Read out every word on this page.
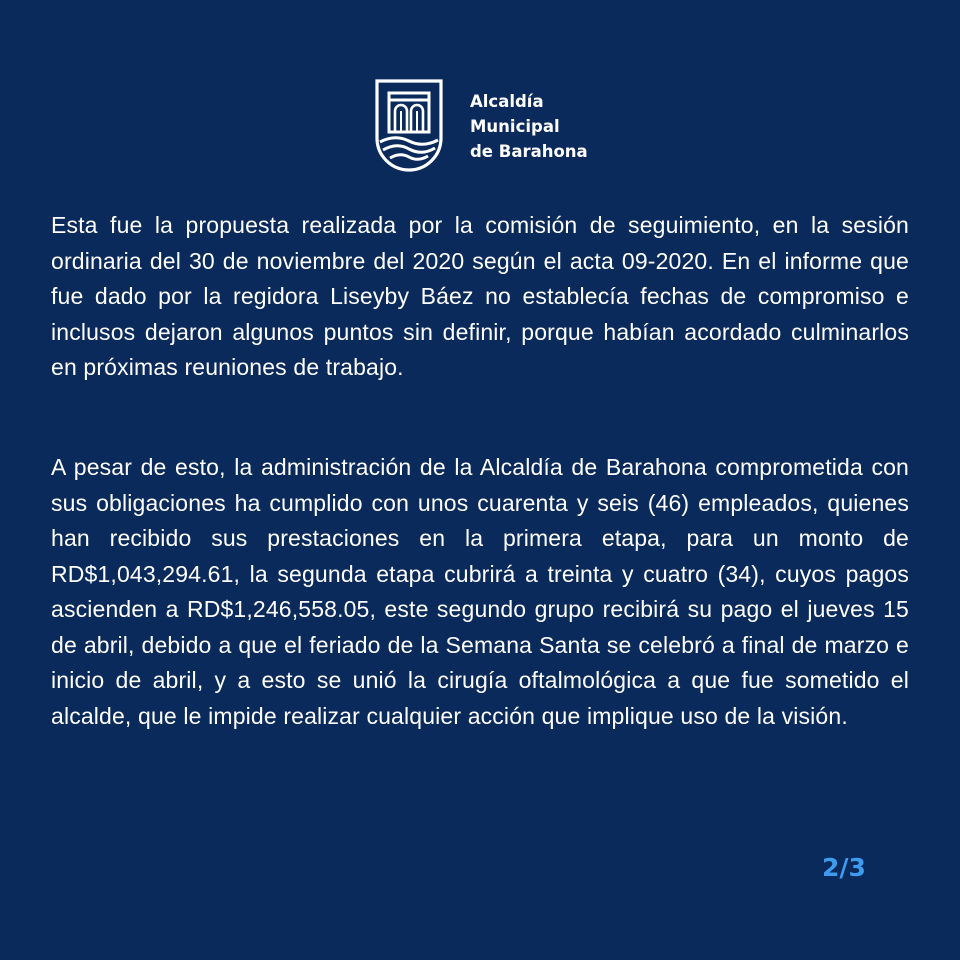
Alcaldía
Municipal
de Barahona

Esta fue la propuesta realizada por la comisión de seguimiento, en la sesión ordinaria del 30 de noviembre del 2020 según el acta 09-2020. En el informe que fue dado por la regidora Liseyby Báez no establecía fechas de compromiso e inclusos dejaron algunos puntos sin definir, porque habían acordado culminarlos en próximas reuniones de trabajo.

A pesar de esto, la administración de la Alcaldía de Barahona comprometida con sus obligaciones ha cumplido con unos cuarenta y seis (46) empleados, quienes han recibido sus prestaciones en la primera etapa, para un monto de RD$1,043,294.61, la segunda etapa cubrirá a treinta y cuatro (34), cuyos pagos ascienden a RD$1,246,558.05, este segundo grupo recibirá su pago el jueves 15 de abril, debido a que el feriado de la Semana Santa se celebró a final de marzo e inicio de abril, y a esto se unió la cirugía oftalmológica a que fue sometido el alcalde, que le impide realizar cualquier acción que implique uso de la visión.

2/3
